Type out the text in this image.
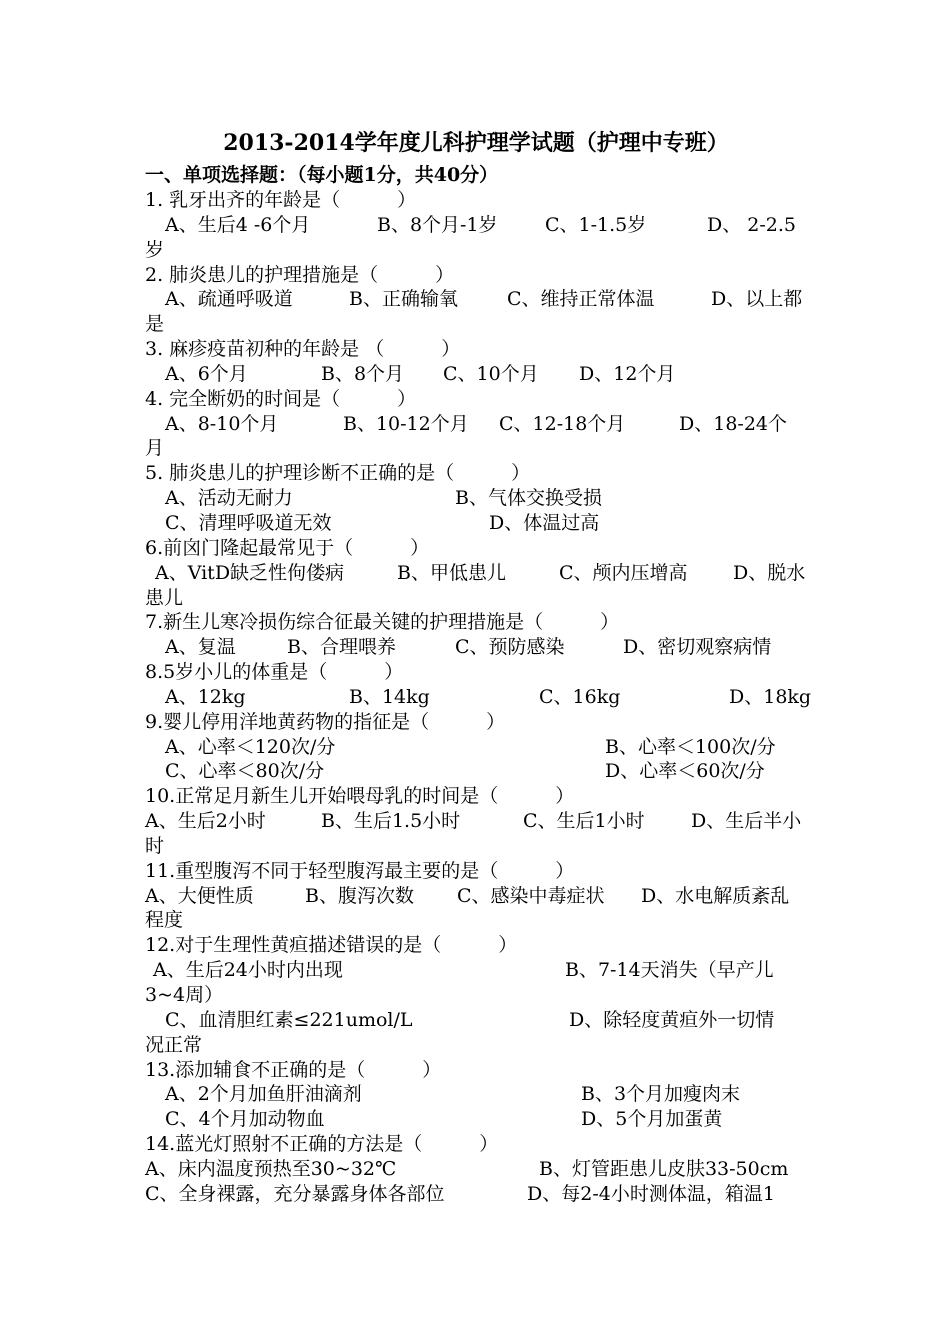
2013-2014学年度儿科护理学试题（护理中专班）
一、单项选择题：（每小题1分，共40分）
1. 乳牙出齐的年龄是（　　　）
A、生后4 -6个月	B、8个月-1岁 C、1-1.5岁	D、 2-2.5
岁
2. 肺炎患儿的护理措施是（　　　）
A、疏通呼吸道	B、正确输氧	C、维持正常体温	D、以上都
是
3. 麻疹疫苗初种的年龄是 （　　　）
A、6个月	B、8个月 C、10个月 D、12个月
4. 完全断奶的时间是（　　　）
A、8-10个月	B、10-12个月 C、12-18个月	D、18-24个
月
5. 肺炎患儿的护理诊断不正确的是（　　　）
A、活动无耐力	B、气体交换受损
C、清理呼吸道无效	D、体温过高
6.前囟门隆起最常见于（　　　）
A、VitD缺乏性佝偻病	B、甲低患儿	C、颅内压增高 D、脱水
患儿
7.新生儿寒冷损伤综合征最关键的护理措施是（　　　）
A、复温	B、合理喂养	C、预防感染	D、密切观察病情
8.5岁小儿的体重是（　　　）
A、12kg	B、14kg	C、16kg	D、18kg
9.婴儿停用洋地黄药物的指征是（　　　）
A、心率＜120次/分	B、心率＜100次/分
C、心率＜80次/分	D、心率＜60次/分
10.正常足月新生儿开始喂母乳的时间是（　　　）
A、生后2小时	B、生后1.5小时	C、生后1小时 D、生后半小
时
11.重型腹泻不同于轻型腹泻最主要的是（　　　）
A、大便性质	B、腹泻次数 C、感染中毒症状 D、水电解质紊乱
程度
12.对于生理性黄疸描述错误的是（　　　）
A、生后24小时内出现	B、7-14天消失（早产儿
3~4周）
C、血清胆红素≤221umol/L	D、除轻度黄疸外一切情
况正常
13.添加辅食不正确的是（　　　）
A、2个月加鱼肝油滴剂	B、3个月加瘦肉末
C、4个月加动物血	D、5个月加蛋黄
14.蓝光灯照射不正确的方法是（　　　）
A、床内温度预热至30~32℃	B、灯管距患儿皮肤33-50cm
C、全身裸露，充分暴露身体各部位	D、每2-4小时测体温，箱温1
